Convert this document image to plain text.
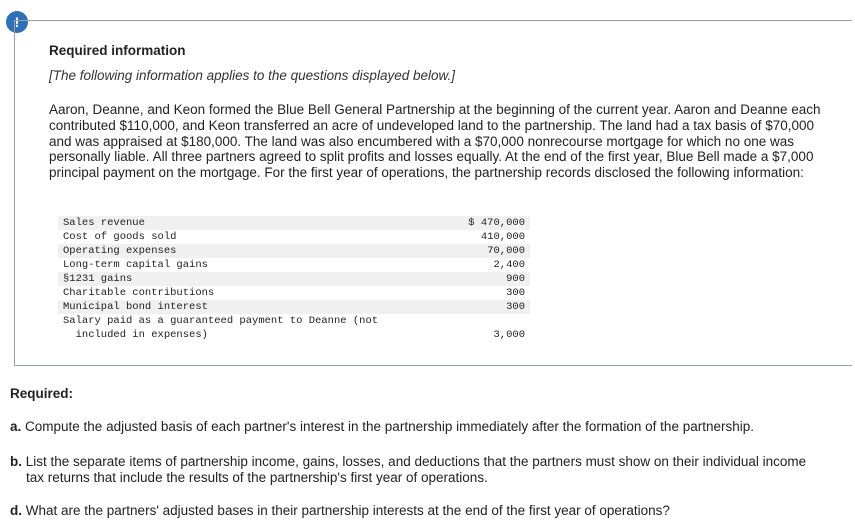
!
Required information
[The following information applies to the questions displayed below.]
Aaron, Deanne, and Keon formed the Blue Bell General Partnership at the beginning of the current year. Aaron and Deanne each contributed $110,000, and Keon transferred an acre of undeveloped land to the partnership. The land had a tax basis of $70,000 and was appraised at $180,000. The land was also encumbered with a $70,000 nonrecourse mortgage for which no one was personally liable. All three partners agreed to split profits and losses equally. At the end of the first year, Blue Bell made a $7,000 principal payment on the mortgage. For the first year of operations, the partnership records disclosed the following information:
Sales revenue	$ 470,000
Cost of goods sold	410,000
Operating expenses	70,000
Long-term capital gains	2,400
§1231 gains	900
Charitable contributions	300
Municipal bond interest	300
Salary paid as a guaranteed payment to Deanne (not
included in expenses)	3,000
Required:
a. Compute the adjusted basis of each partner's interest in the partnership immediately after the formation of the partnership.
b. List the separate items of partnership income, gains, losses, and deductions that the partners must show on their individual income
tax returns that include the results of the partnership's first year of operations.
d. What are the partners' adjusted bases in their partnership interests at the end of the first year of operations?
